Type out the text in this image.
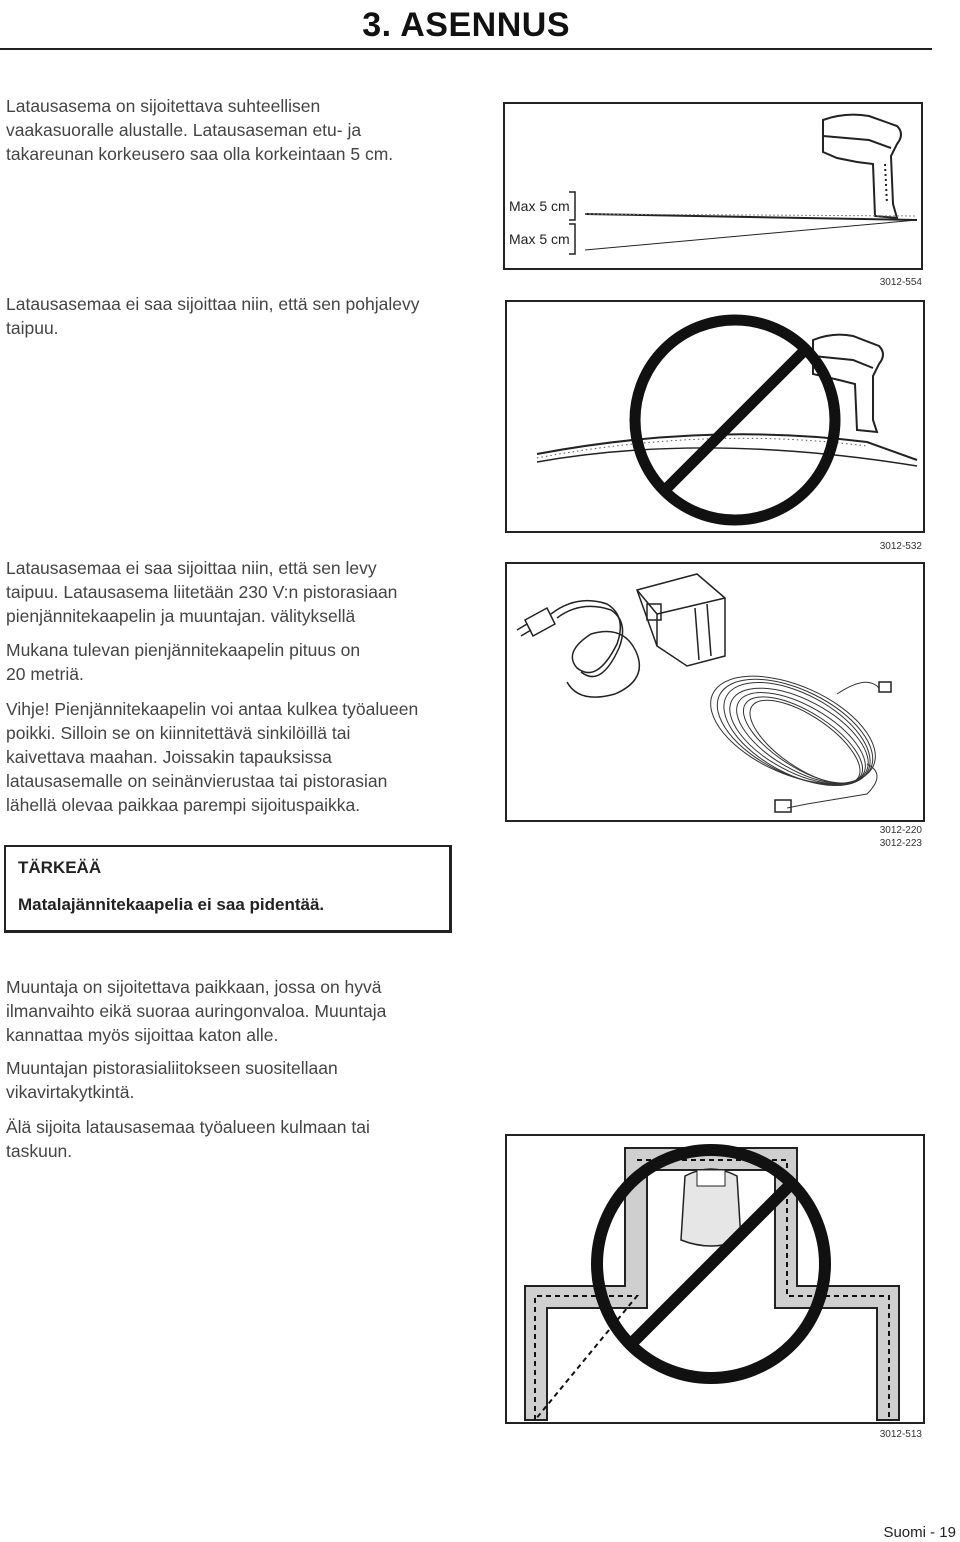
3. ASENNUS
Latausasema on sijoitettava suhteellisen
vaakasuoralle alustalle. Latausaseman etu- ja
takareunan korkeusero saa olla korkeintaan 5 cm.
Latausasemaa ei saa sijoittaa niin, että sen pohjalevy
taipuu.
Latausasemaa ei saa sijoittaa niin, että sen levy
taipuu. Latausasema liitetään 230 V:n pistorasiaan
pienjännitekaapelin ja muuntajan. välityksellä
Mukana tulevan pienjännitekaapelin pituus on
20 metriä.
Vihje! Pienjännitekaapelin voi antaa kulkea työalueen
poikki. Silloin se on kiinnitettävä sinkilöillä tai
kaivettava maahan. Joissakin tapauksissa
latausasemalle on seinänvierustaa tai pistorasian
lähellä olevaa paikkaa parempi sijoituspaikka.
TÄRKEÄÄ
Matalajännitekaapelia ei saa pidentää.
Muuntaja on sijoitettava paikkaan, jossa on hyvä
ilmanvaihto eikä suoraa auringonvaloa. Muuntaja
kannattaa myös sijoittaa katon alle.
Muuntajan pistorasialiitokseen suositellaan
vikavirtakytkintä.
Älä sijoita latausasemaa työalueen kulmaan tai
taskuun.
Max 5 cm
Max 5 cm
3012-554
3012-532
3012-220
3012-223
3012-513
Suomi - 19
